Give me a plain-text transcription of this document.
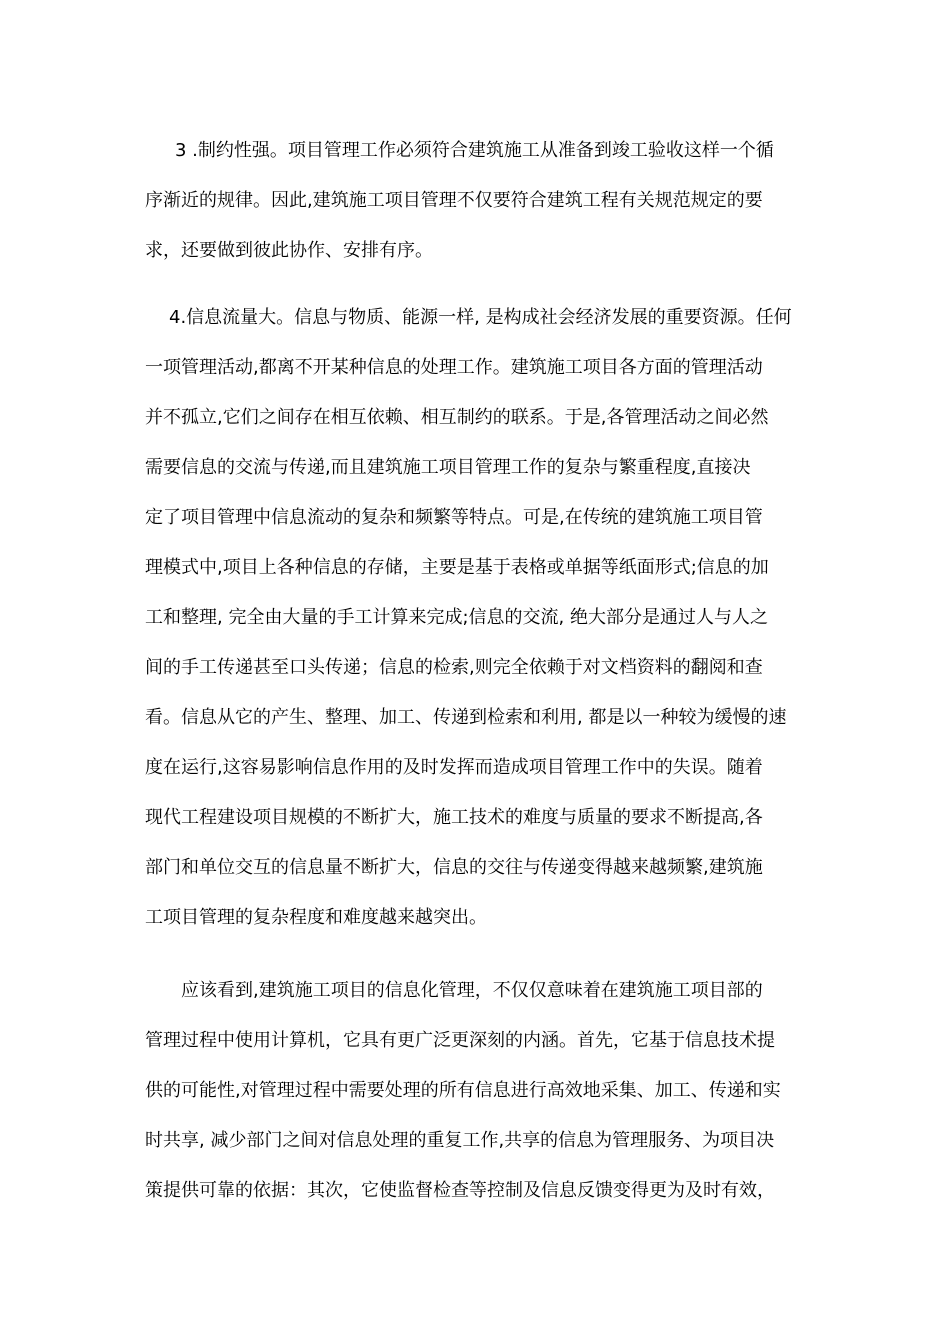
3 .制约性强。项目管理工作必须符合建筑施工从准备到竣工验收这样一个循
序渐近的规律。因此,建筑施工项目管理不仅要符合建筑工程有关规范规定的要
求，还要做到彼此协作、安排有序。
4.信息流量大。信息与物质、能源一样, 是构成社会经济发展的重要资源。任何
一项管理活动,都离不开某种信息的处理工作。建筑施工项目各方面的管理活动
并不孤立,它们之间存在相互依赖、相互制约的联系。于是,各管理活动之间必然
需要信息的交流与传递,而且建筑施工项目管理工作的复杂与繁重程度,直接决
定了项目管理中信息流动的复杂和频繁等特点。可是,在传统的建筑施工项目管
理模式中,项目上各种信息的存储，主要是基于表格或单据等纸面形式;信息的加
工和整理, 完全由大量的手工计算来完成;信息的交流, 绝大部分是通过人与人之
间的手工传递甚至口头传递；信息的检索,则完全依赖于对文档资料的翻阅和查
看。信息从它的产生、整理、加工、传递到检索和利用, 都是以一种较为缓慢的速
度在运行,这容易影响信息作用的及时发挥而造成项目管理工作中的失误。随着
现代工程建设项目规模的不断扩大，施工技术的难度与质量的要求不断提高,各
部门和单位交互的信息量不断扩大，信息的交往与传递变得越来越频繁,建筑施
工项目管理的复杂程度和难度越来越突出。
应该看到,建筑施工项目的信息化管理，不仅仅意味着在建筑施工项目部的
管理过程中使用计算机，它具有更广泛更深刻的内涵。首先，它基于信息技术提
供的可能性,对管理过程中需要处理的所有信息进行高效地采集、加工、传递和实
时共享, 减少部门之间对信息处理的重复工作,共享的信息为管理服务、为项目决
策提供可靠的依据：其次，它使监督检查等控制及信息反馈变得更为及时有效，
